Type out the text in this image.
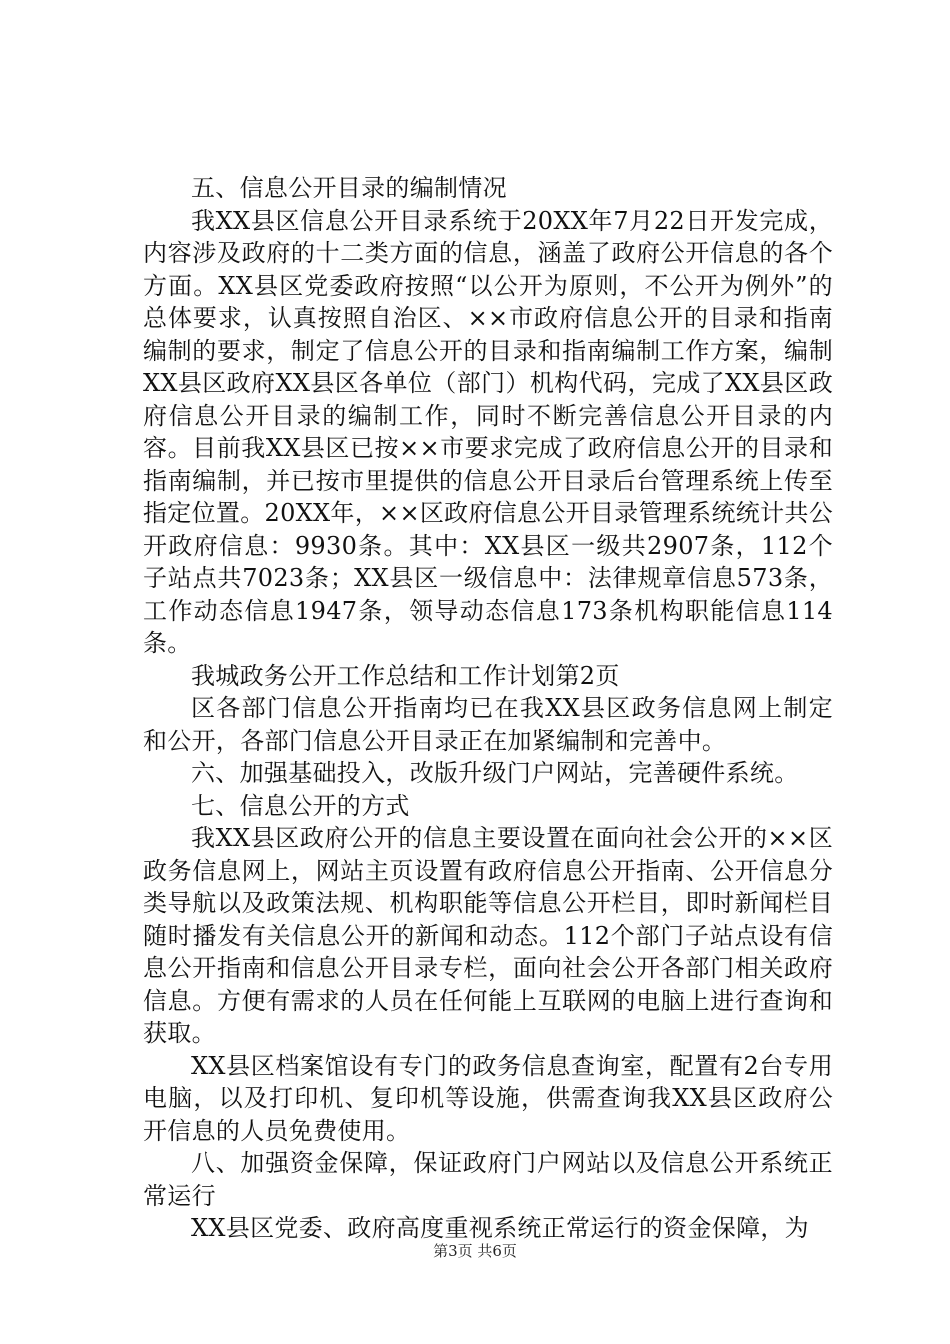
五、信息公开目录的编制情况

我XX县区信息公开目录系统于20XX年7月22日开发完成，内容涉及政府的十二类方面的信息，涵盖了政府公开信息的各个方面。XX县区党委政府按照“以公开为原则，不公开为例外”的总体要求，认真按照自治区、××市政府信息公开的目录和指南编制的要求，制定了信息公开的目录和指南编制工作方案，编制XX县区政府XX县区各单位（部门）机构代码，完成了XX县区政府信息公开目录的编制工作，同时不断完善信息公开目录的内容。目前我XX县区已按××市要求完成了政府信息公开的目录和指南编制，并已按市里提供的信息公开目录后台管理系统上传至指定位置。20XX年，××区政府信息公开目录管理系统统计共公开政府信息：9930条。其中：XX县区一级共2907条，112个子站点共7023条；XX县区一级信息中：法律规章信息573条，工作动态信息1947条，领导动态信息173条机构职能信息114条。

我城政务公开工作总结和工作计划第2页

区各部门信息公开指南均已在我XX县区政务信息网上制定和公开，各部门信息公开目录正在加紧编制和完善中。

六、加强基础投入，改版升级门户网站，完善硬件系统。

七、信息公开的方式

我XX县区政府公开的信息主要设置在面向社会公开的××区政务信息网上，网站主页设置有政府信息公开指南、公开信息分类导航以及政策法规、机构职能等信息公开栏目，即时新闻栏目随时播发有关信息公开的新闻和动态。112个部门子站点设有信息公开指南和信息公开目录专栏，面向社会公开各部门相关政府信息。方便有需求的人员在任何能上互联网的电脑上进行查询和获取。

XX县区档案馆设有专门的政务信息查询室，配置有2台专用电脑，以及打印机、复印机等设施，供需查询我XX县区政府公开信息的人员免费使用。

八、加强资金保障，保证政府门户网站以及信息公开系统正常运行

XX县区党委、政府高度重视系统正常运行的资金保障，为

第3页 共6页
